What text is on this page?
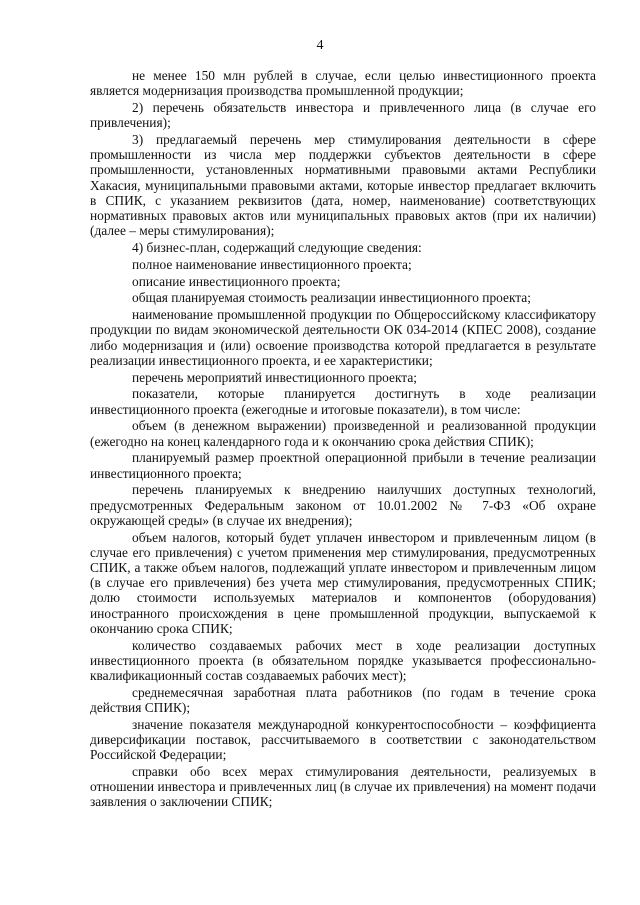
4

не менее 150 млн рублей в случае, если целью инвестиционного проекта является модернизация производства промышленной продукции;

2) перечень обязательств инвестора и привлеченного лица (в случае его привлечения);

3) предлагаемый перечень мер стимулирования деятельности в сфере промышленности из числа мер поддержки субъектов деятельности в сфере промышленности, установленных нормативными правовыми актами Республики Хакасия, муниципальными правовыми актами, которые инвестор предлагает включить в СПИК, с указанием реквизитов (дата, номер, наименование) соответствующих нормативных правовых актов или муниципальных правовых актов (при их наличии) (далее – меры стимулирования);

4) бизнес-план, содержащий следующие сведения:

полное наименование инвестиционного проекта;

описание инвестиционного проекта;

общая планируемая стоимость реализации инвестиционного проекта;

наименование промышленной продукции по Общероссийскому классификатору продукции по видам экономической деятельности ОК 034-2014 (КПЕС 2008), создание либо модернизация и (или) освоение производства которой предлагается в результате реализации инвестиционного проекта, и ее характеристики;

перечень мероприятий инвестиционного проекта;

показатели, которые планируется достигнуть в ходе реализации инвестиционного проекта (ежегодные и итоговые показатели), в том числе:

объем (в денежном выражении) произведенной и реализованной продукции (ежегодно на конец календарного года и к окончанию срока действия СПИК);

планируемый размер проектной операционной прибыли в течение реализации инвестиционного проекта;

перечень планируемых к внедрению наилучших доступных технологий, предусмотренных Федеральным законом от 10.01.2002 № 7-ФЗ «Об охране окружающей среды» (в случае их внедрения);

объем налогов, который будет уплачен инвестором и привлеченным лицом (в случае его привлечения) с учетом применения мер стимулирования, предусмотренных СПИК, а также объем налогов, подлежащий уплате инвестором и привлеченным лицом (в случае его привлечения) без учета мер стимулирования, предусмотренных СПИК; долю стоимости используемых материалов и компонентов (оборудования) иностранного происхождения в цене промышленной продукции, выпускаемой к окончанию срока СПИК;

количество создаваемых рабочих мест в ходе реализации доступных инвестиционного проекта (в обязательном порядке указывается профессионально-квалификационный состав создаваемых рабочих мест);

среднемесячная заработная плата работников (по годам в течение срока действия СПИК);

значение показателя международной конкурентоспособности – коэффициента диверсификации поставок, рассчитываемого в соответствии с законодательством Российской Федерации;

справки обо всех мерах стимулирования деятельности, реализуемых в отношении инвестора и привлеченных лиц (в случае их привлечения) на момент подачи заявления о заключении СПИК;
